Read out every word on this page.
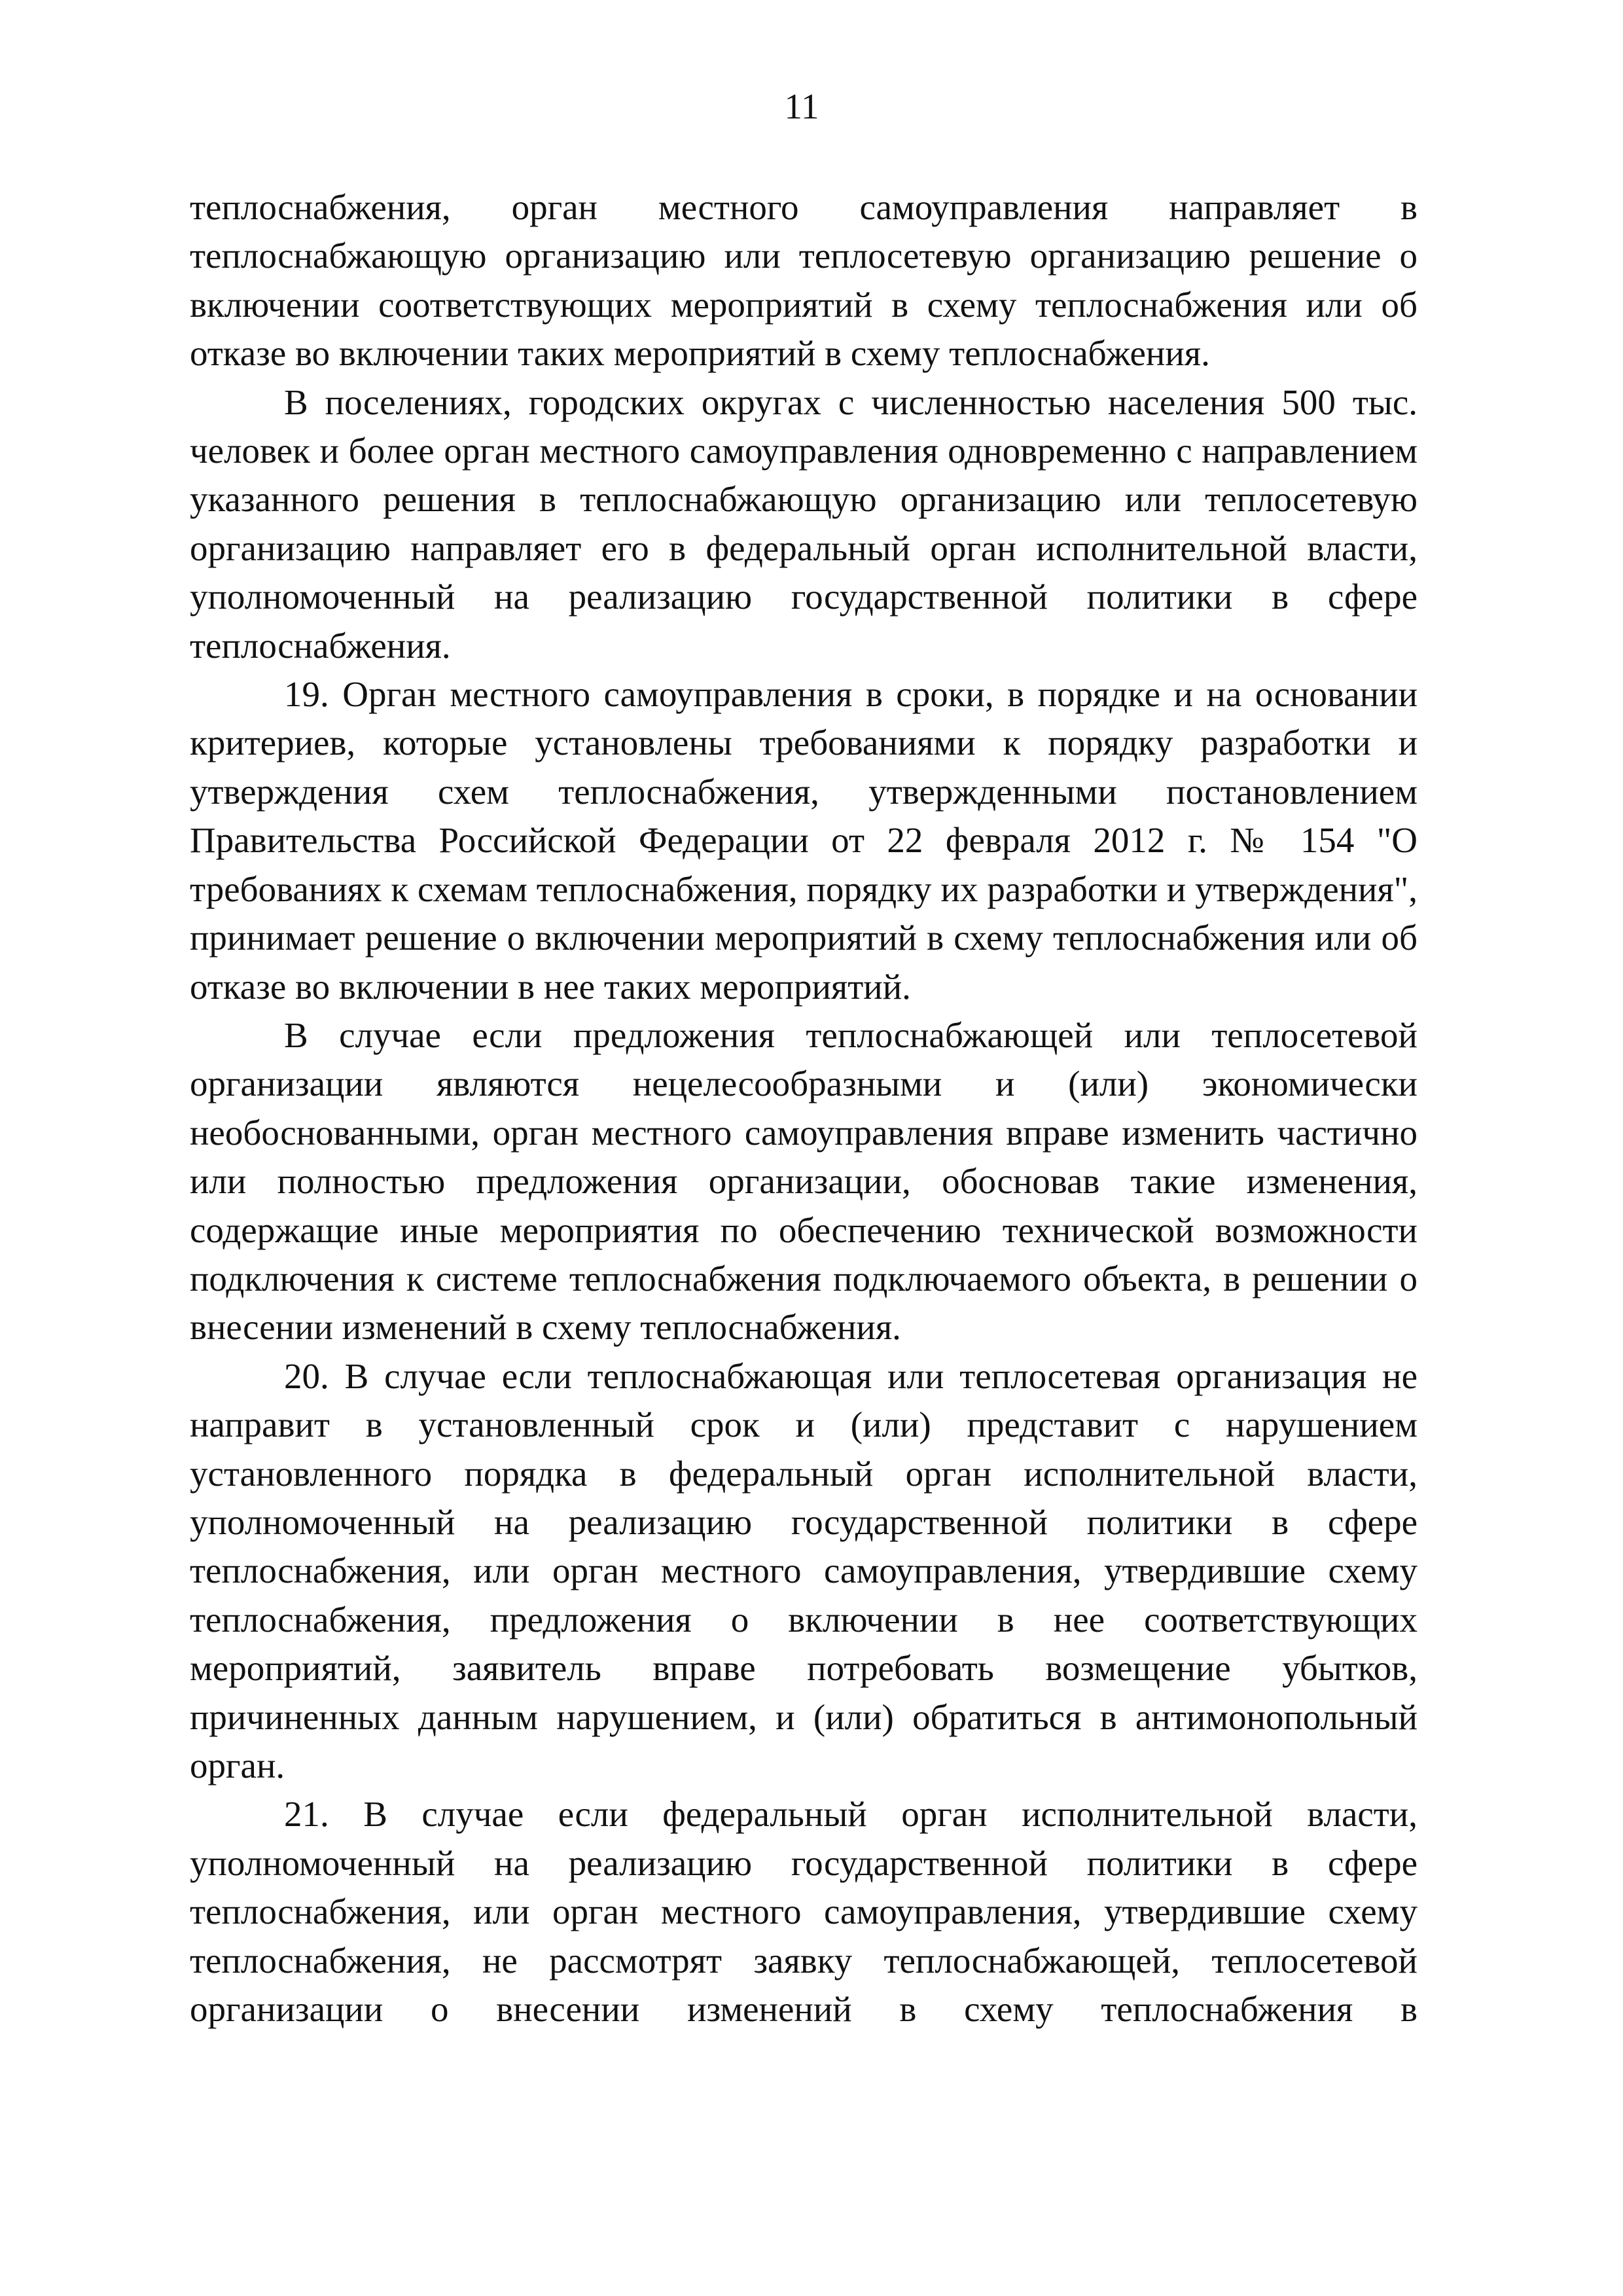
11

теплоснабжения, орган местного самоуправления направляет в теплоснабжающую организацию или теплосетевую организацию решение о включении соответствующих мероприятий в схему теплоснабжения или об отказе во включении таких мероприятий в схему теплоснабжения.

В поселениях, городских округах с численностью населения 500 тыс. человек и более орган местного самоуправления одновременно с направлением указанного решения в теплоснабжающую организацию или теплосетевую организацию направляет его в федеральный орган исполнительной власти, уполномоченный на реализацию государственной политики в сфере теплоснабжения.

19. Орган местного самоуправления в сроки, в порядке и на основании критериев, которые установлены требованиями к порядку разработки и утверждения схем теплоснабжения, утвержденными постановлением Правительства Российской Федерации от 22 февраля 2012 г. № 154 "О требованиях к схемам теплоснабжения, порядку их разработки и утверждения", принимает решение о включении мероприятий в схему теплоснабжения или об отказе во включении в нее таких мероприятий.

В случае если предложения теплоснабжающей или теплосетевой организации являются нецелесообразными и (или) экономически необоснованными, орган местного самоуправления вправе изменить частично или полностью предложения организации, обосновав такие изменения, содержащие иные мероприятия по обеспечению технической возможности подключения к системе теплоснабжения подключаемого объекта, в решении о внесении изменений в схему теплоснабжения.

20. В случае если теплоснабжающая или теплосетевая организация не направит в установленный срок и (или) представит с нарушением установленного порядка в федеральный орган исполнительной власти, уполномоченный на реализацию государственной политики в сфере теплоснабжения, или орган местного самоуправления, утвердившие схему теплоснабжения, предложения о включении в нее соответствующих мероприятий, заявитель вправе потребовать возмещение убытков, причиненных данным нарушением, и (или) обратиться в антимонопольный орган.

21. В случае если федеральный орган исполнительной власти, уполномоченный на реализацию государственной политики в сфере теплоснабжения, или орган местного самоуправления, утвердившие схему теплоснабжения, не рассмотрят заявку теплоснабжающей, теплосетевой организации о внесении изменений в схему теплоснабжения в
